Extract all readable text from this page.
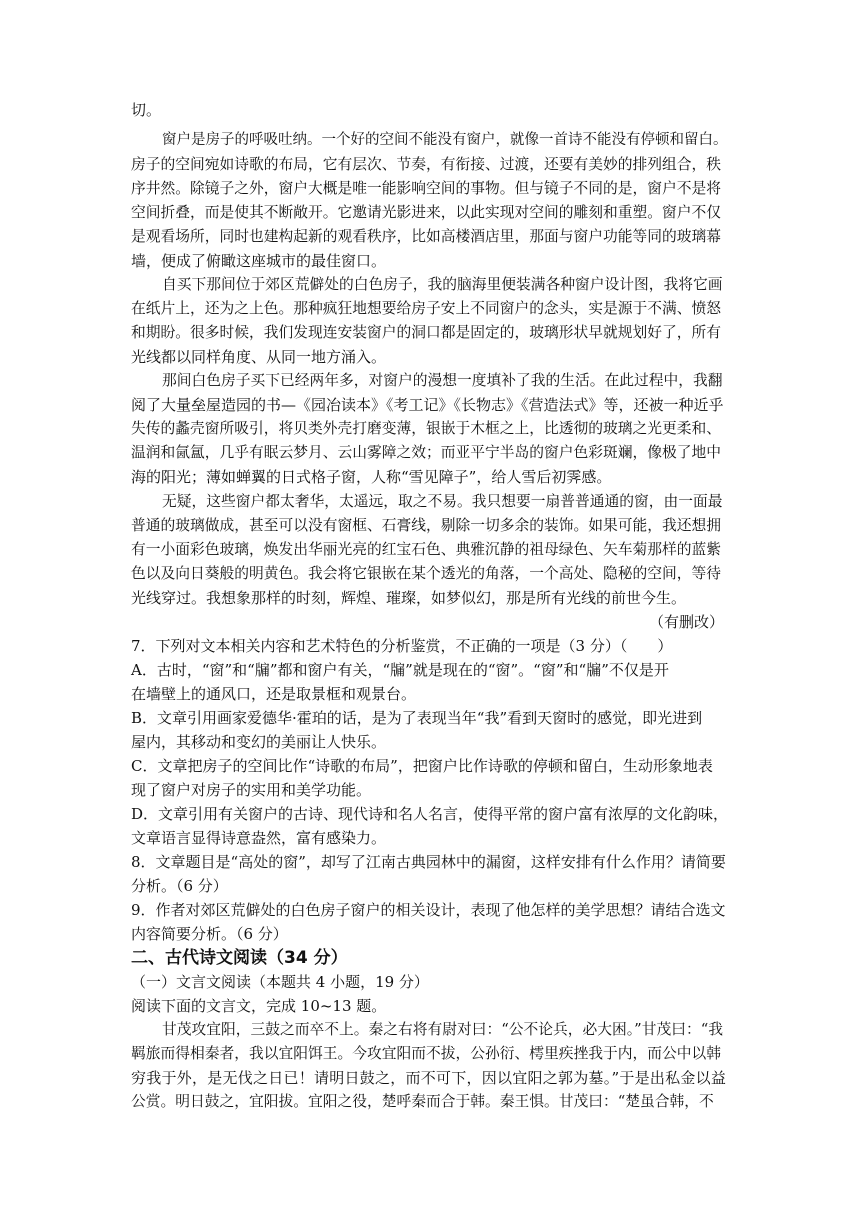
切。
窗户是房子的呼吸吐纳。一个好的空间不能没有窗户，就像一首诗不能没有停顿和留白。
房子的空间宛如诗歌的布局，它有层次、节奏，有衔接、过渡，还要有美妙的排列组合，秩
序井然。除镜子之外，窗户大概是唯一能影响空间的事物。但与镜子不同的是，窗户不是将
空间折叠，而是使其不断敞开。它邀请光影进来，以此实现对空间的雕刻和重塑。窗户不仅
是观看场所，同时也建构起新的观看秩序，比如高楼酒店里，那面与窗户功能等同的玻璃幕
墙，便成了俯瞰这座城市的最佳窗口。
自买下那间位于郊区荒僻处的白色房子，我的脑海里便装满各种窗户设计图，我将它画
在纸片上，还为之上色。那种疯狂地想要给房子安上不同窗户的念头，实是源于不满、愤怒
和期盼。很多时候，我们发现连安装窗户的洞口都是固定的，玻璃形状早就规划好了，所有
光线都以同样角度、从同一地方涌入。
那间白色房子买下已经两年多，对窗户的漫想一度填补了我的生活。在此过程中，我翻
阅了大量垒屋造园的书—《园冶读本》《考工记》《长物志》《营造法式》等，还被一种近乎
失传的蠡壳窗所吸引，将贝类外壳打磨变薄，银嵌于木框之上，比透彻的玻璃之光更柔和、
温润和氤氲，几乎有眠云梦月、云山雾障之效；而亚平宁半岛的窗户色彩斑斓，像极了地中
海的阳光；薄如蝉翼的日式格子窗，人称“雪见障子”，给人雪后初霁感。
无疑，这些窗户都太奢华，太遥远，取之不易。我只想要一扇普普通通的窗，由一面最
普通的玻璃做成，甚至可以没有窗框、石膏线，剔除一切多余的装饰。如果可能，我还想拥
有一小面彩色玻璃，焕发出华丽光亮的红宝石色、典雅沉静的祖母绿色、矢车菊那样的蓝紫
色以及向日葵般的明黄色。我会将它银嵌在某个透光的角落，一个高处、隐秘的空间，等待
光线穿过。我想象那样的时刻，辉煌、璀璨，如梦似幻，那是所有光线的前世今生。
（有删改）
7．下列对文本相关内容和艺术特色的分析鉴赏，不正确的一项是（3 分）（　　）
A．古时，“窗”和“牖”都和窗户有关，“牖”就是现在的“窗”。“窗”和“牖”不仅是开
在墙壁上的通风口，还是取景框和观景台。
B．文章引用画家爱德华·霍珀的话，是为了表现当年“我”看到天窗时的感觉，即光进到
屋内，其移动和变幻的美丽让人快乐。
C．文章把房子的空间比作“诗歌的布局”，把窗户比作诗歌的停顿和留白，生动形象地表
现了窗户对房子的实用和美学功能。
D．文章引用有关窗户的古诗、现代诗和名人名言，使得平常的窗户富有浓厚的文化韵味，
文章语言显得诗意盎然，富有感染力。
8．文章题目是“高处的窗”，却写了江南古典园林中的漏窗，这样安排有什么作用？请简要
分析。（6 分）
9．作者对郊区荒僻处的白色房子窗户的相关设计，表现了他怎样的美学思想？请结合选文
内容简要分析。（6 分）
二、古代诗文阅读（34 分）
（一）文言文阅读（本题共 4 小题，19 分）
阅读下面的文言文，完成 10~13 题。
甘茂攻宜阳，三鼓之而卒不上。秦之右将有尉对曰：“公不论兵，必大困。”甘茂曰：“我
羁旅而得相秦者，我以宜阳饵王。今攻宜阳而不拔，公孙衍、樗里疾挫我于内，而公中以韩
穷我于外，是无伐之日已！请明日鼓之，而不可下，因以宜阳之郭为墓。”于是出私金以益
公赏。明日鼓之，宜阳拔。宜阳之役，楚呼秦而合于韩。秦王惧。甘茂曰：“楚虽合韩，不
